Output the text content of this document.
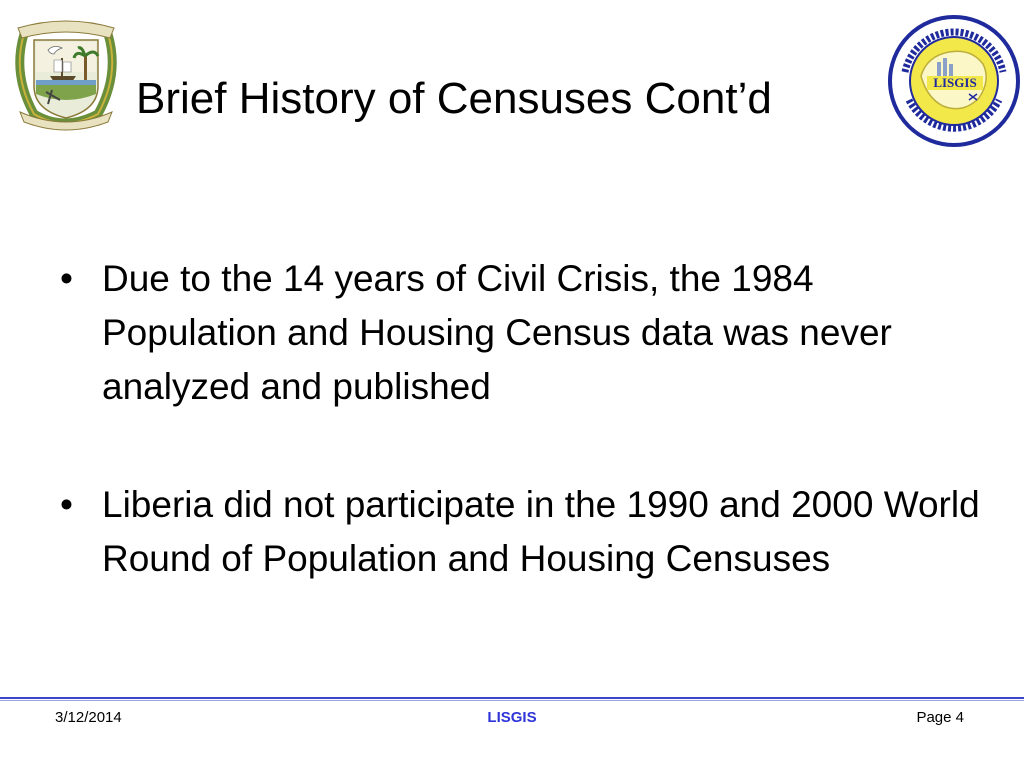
Brief History of Censuses Cont’d	LISGIS
• Due to the 14 years of Civil Crisis, the 1984 Population and Housing Census data was never analyzed and published
• Liberia did not participate in the 1990 and 2000 World Round of Population and Housing Censuses
LISGIS
3/12/2014	Page 4
